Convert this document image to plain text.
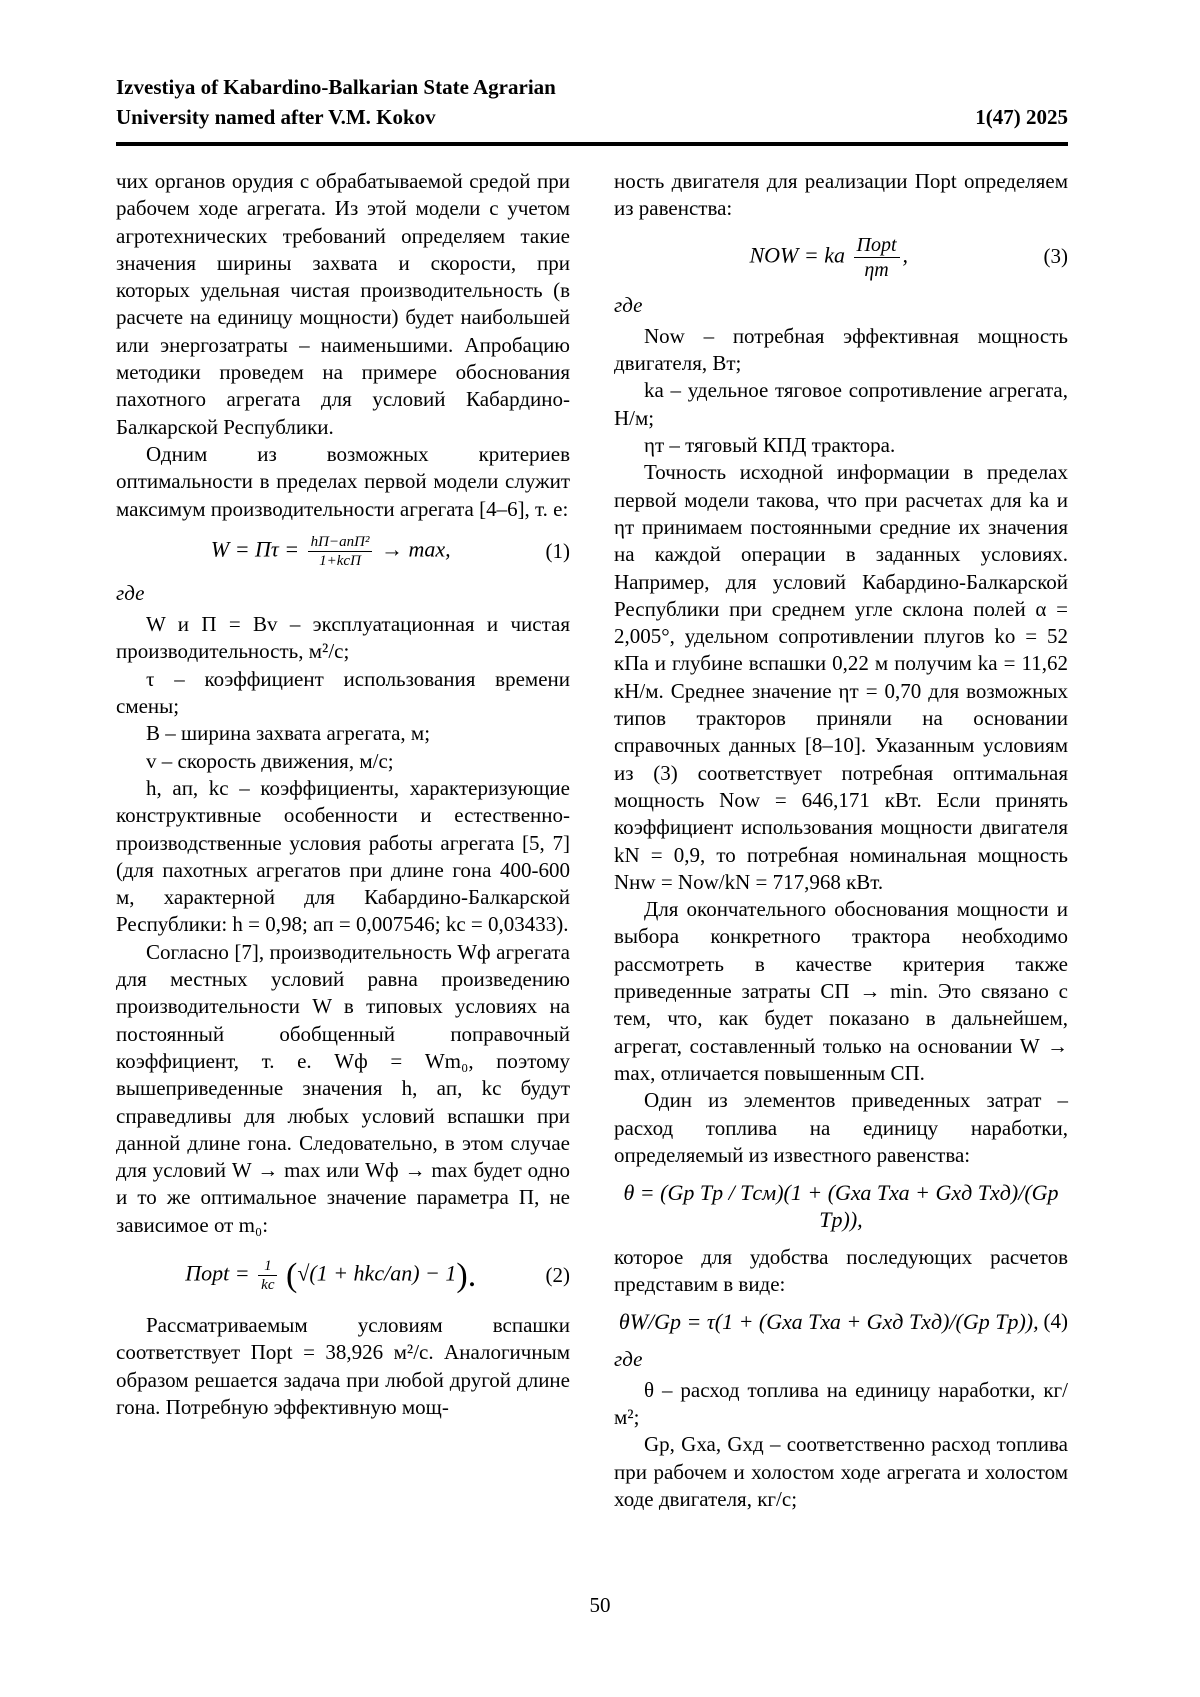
Izvestiya of Kabardino-Balkarian State Agrarian
University named after V.M. Kokov	1(47) 2025

чих органов орудия с обрабатываемой средой при рабочем ходе агрегата. Из этой модели с учетом агротехнических требований определяем такие значения ширины захвата и скорости, при которых удельная чистая производительность (в расчете на единицу мощности) будет наибольшей или энергозатраты – наименьшими. Апробацию методики проведем на примере обоснования пахотного агрегата для условий Кабардино-Балкарской Республики.

Одним из возможных критериев оптимальности в пределах первой модели служит максимум производительности агрегата [4–6], т. е:

W = Пτ = hП−aпП²
1+kcП → max,	(1)

где

W и П = Bv – эксплуатационная и чистая производительность, м²/с;

τ – коэффициент использования времени смены;

В – ширина захвата агрегата, м;

v – скорость движения, м/с;

h, aп, kc – коэффициенты, характеризующие конструктивные особенности и естественно-производственные условия работы агрегата [5, 7] (для пахотных агрегатов при длине гона 400-600 м, характерной для Кабардино-Балкарской Республики: h = 0,98; aп = 0,007546; kc = 0,03433).

Согласно [7], производительность Wф агрегата для местных условий равна произведению производительности W в типовых условиях на постоянный обобщенный поправочный коэффициент, т. е. Wф = Wm₀, поэтому вышеприведенные значения h, aп, kc будут справедливы для любых условий вспашки при данной длине гона. Следовательно, в этом случае для условий W → max или Wф → max будет одно и то же оптимальное значение параметра П, не зависимое от m₀:

Пopt = 1
kc (√(1 + hkc/aп) − 1).	(2)

Рассматриваемым условиям вспашки соответствует Пopt = 38,926 м²/с. Аналогичным образом решается задача при любой другой длине гона. Потребную эффективную мощ-

ность двигателя для реализации Пopt определяем из равенства:

NOW = ka Пopt
ηт
,	(3)

где

Now – потребная эффективная мощность двигателя, Вт;

ka – удельное тяговое сопротивление агрегата, Н/м;

ηт – тяговый КПД трактора.

Точность исходной информации в пределах первой модели такова, что при расчетах для ka и ηт принимаем постоянными средние их значения на каждой операции в заданных условиях. Например, для условий Кабардино-Балкарской Республики при среднем угле склона полей α = 2,005°, удельном сопротивлении плугов ko = 52 кПа и глубине вспашки 0,22 м получим ka = 11,62 кН/м. Среднее значение ηт = 0,70 для возможных типов тракторов приняли на основании справочных данных [8–10]. Указанным условиям из (3) соответствует потребная оптимальная мощность Now = 646,171 кВт. Если принять коэффициент использования мощности двигателя kN = 0,9, то потребная номинальная мощность Nнw = Now/kN = 717,968 кВт.

Для окончательного обоснования мощности и выбора конкретного трактора необходимо рассмотреть в качестве критерия также приведенные затраты CП → min. Это связано с тем, что, как будет показано в дальнейшем, агрегат, составленный только на основании W → max, отличается повышенным CП.

Один из элементов приведенных затрат – расход топлива на единицу наработки, определяемый из известного равенства:

θ = (Gр Tр / Tсм)(1 + (Gха Tха + Gхд Tхд)/(Gр Tр)),

которое для удобства последующих расчетов представим в виде:

θW/Gр = τ(1 + (Gха Tха + Gхд Tхд)/(Gр Tр)), (4)

где

θ – расход топлива на единицу наработки, кг/м²;

Gр, Gха, Gхд – соответственно расход топлива при рабочем и холостом ходе агрегата и холостом ходе двигателя, кг/с;

50
